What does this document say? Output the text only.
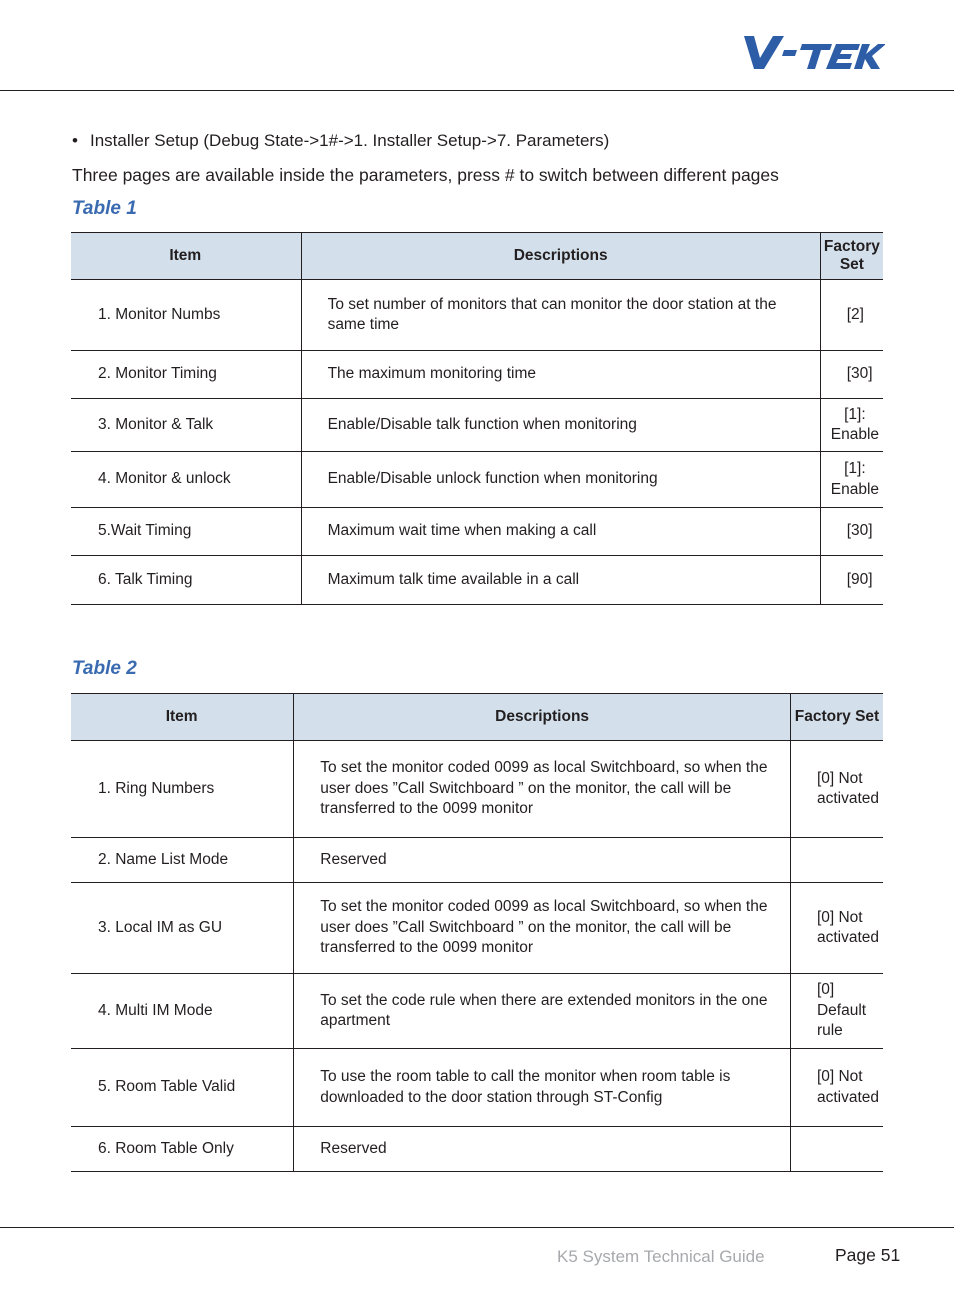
• Installer Setup (Debug State->1#->1. Installer Setup->7. Parameters)
Three pages are available inside the parameters, press # to switch between different pages
Table 1
Item	Descriptions	Factory Set
1. Monitor Numbs	To set number of monitors that can monitor the door station at the same time	[2]
2. Monitor Timing	The maximum monitoring time	[30]
3. Monitor & Talk	Enable/Disable talk function when monitoring	[1]: Enable
4. Monitor & unlock	Enable/Disable unlock function when monitoring	[1]: Enable
5.Wait Timing	Maximum wait time when making a call	[30]
6. Talk Timing	Maximum talk time available in a call	[90]
Table 2
Item	Descriptions	Factory Set
1. Ring Numbers	To set the monitor coded 0099 as local Switchboard, so when the user does ”Call Switchboard ” on the monitor, the call will be transferred to the 0099 monitor	[0] Not activated
2. Name List Mode	Reserved	
3. Local IM as GU	To set the monitor coded 0099 as local Switchboard, so when the user does ”Call Switchboard ” on the monitor, the call will be transferred to the 0099 monitor	[0] Not activated
4. Multi IM Mode	To set the code rule when there are extended monitors in the one apartment	[0] Default rule
5. Room Table Valid	To use the room table to call the monitor when room table is downloaded to the door station through ST-Config	[0] Not activated
6. Room Table Only	Reserved	
K5 System Technical Guide	Page 51
